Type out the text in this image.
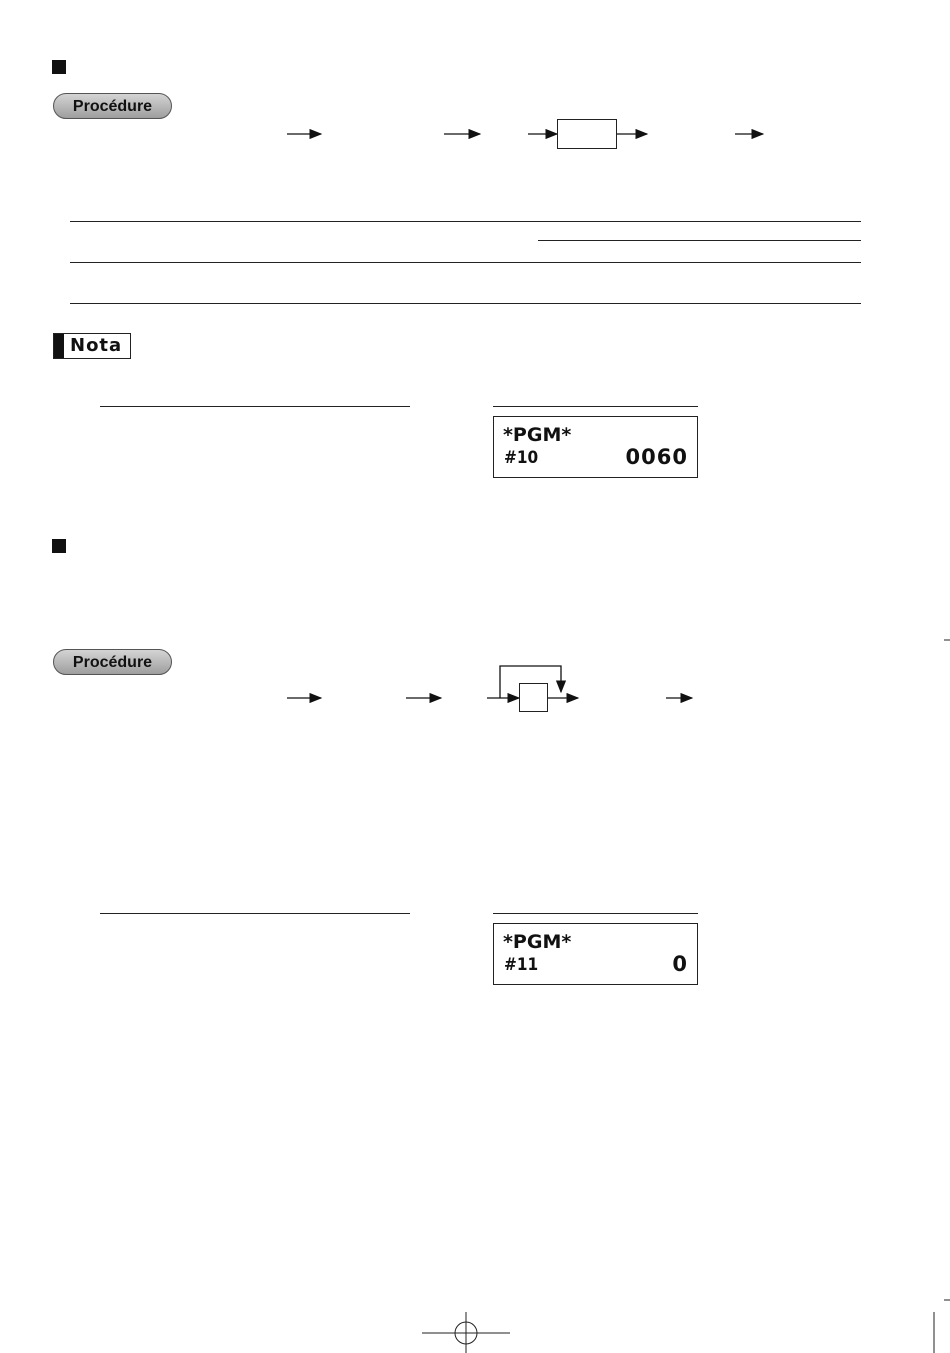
Procédure
Nota
*PGM*
#10	0060
Procédure
*PGM*
#11	0
